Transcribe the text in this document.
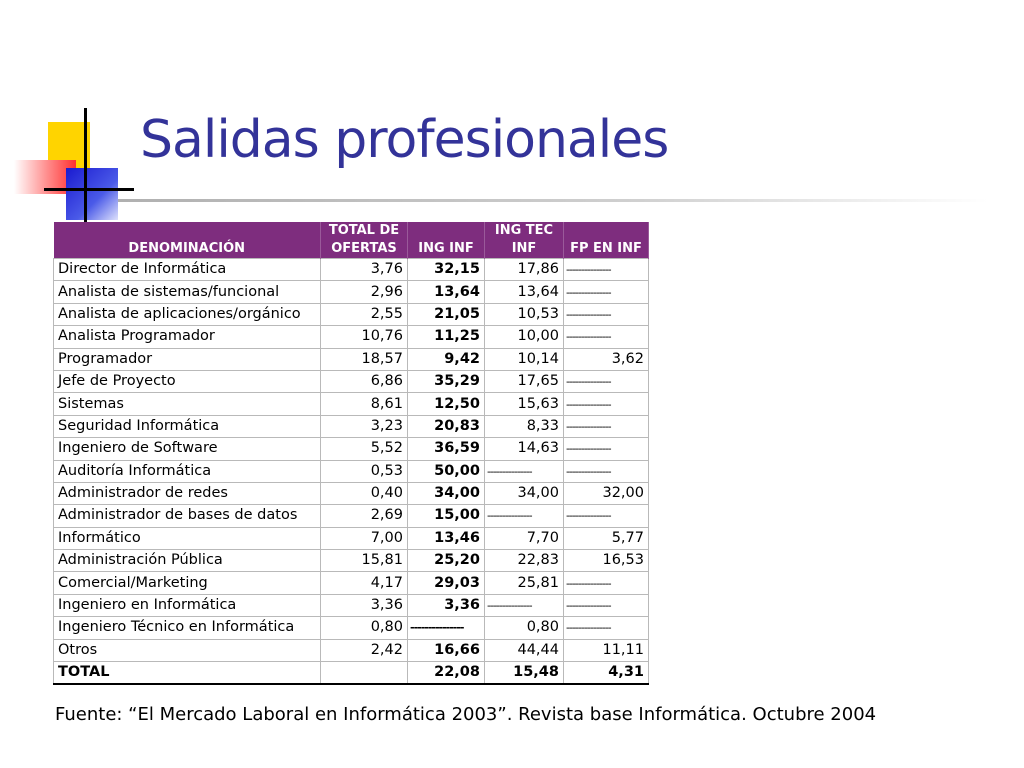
Salidas profesionales
	TOTAL DE		ING TEC	
DENOMINACIÓN	OFERTAS	ING INF	INF	FP EN INF
Director de Informática	3,76	32,15	17,86	---------------
Analista de sistemas/funcional	2,96	13,64	13,64	---------------
Analista de aplicaciones/orgánico	2,55	21,05	10,53	---------------
Analista Programador	10,76	11,25	10,00	---------------
Programador	18,57	9,42	10,14	3,62
Jefe de Proyecto	6,86	35,29	17,65	---------------
Sistemas	8,61	12,50	15,63	---------------
Seguridad Informática	3,23	20,83	8,33	---------------
Ingeniero de Software	5,52	36,59	14,63	---------------
Auditoría Informática	0,53	50,00	---------------	---------------
Administrador de redes	0,40	34,00	34,00	32,00
Administrador de bases de datos	2,69	15,00	---------------	---------------
Informático	7,00	13,46	7,70	5,77
Administración Pública	15,81	25,20	22,83	16,53
Comercial/Marketing	4,17	29,03	25,81	---------------
Ingeniero en Informática	3,36	3,36	---------------	---------------
Ingeniero Técnico en Informática	0,80	---------------	0,80	---------------
Otros	2,42	16,66	44,44	11,11
TOTAL		22,08	15,48	4,31
Fuente: “El Mercado Laboral en Informática 2003”. Revista base Informática. Octubre 2004
